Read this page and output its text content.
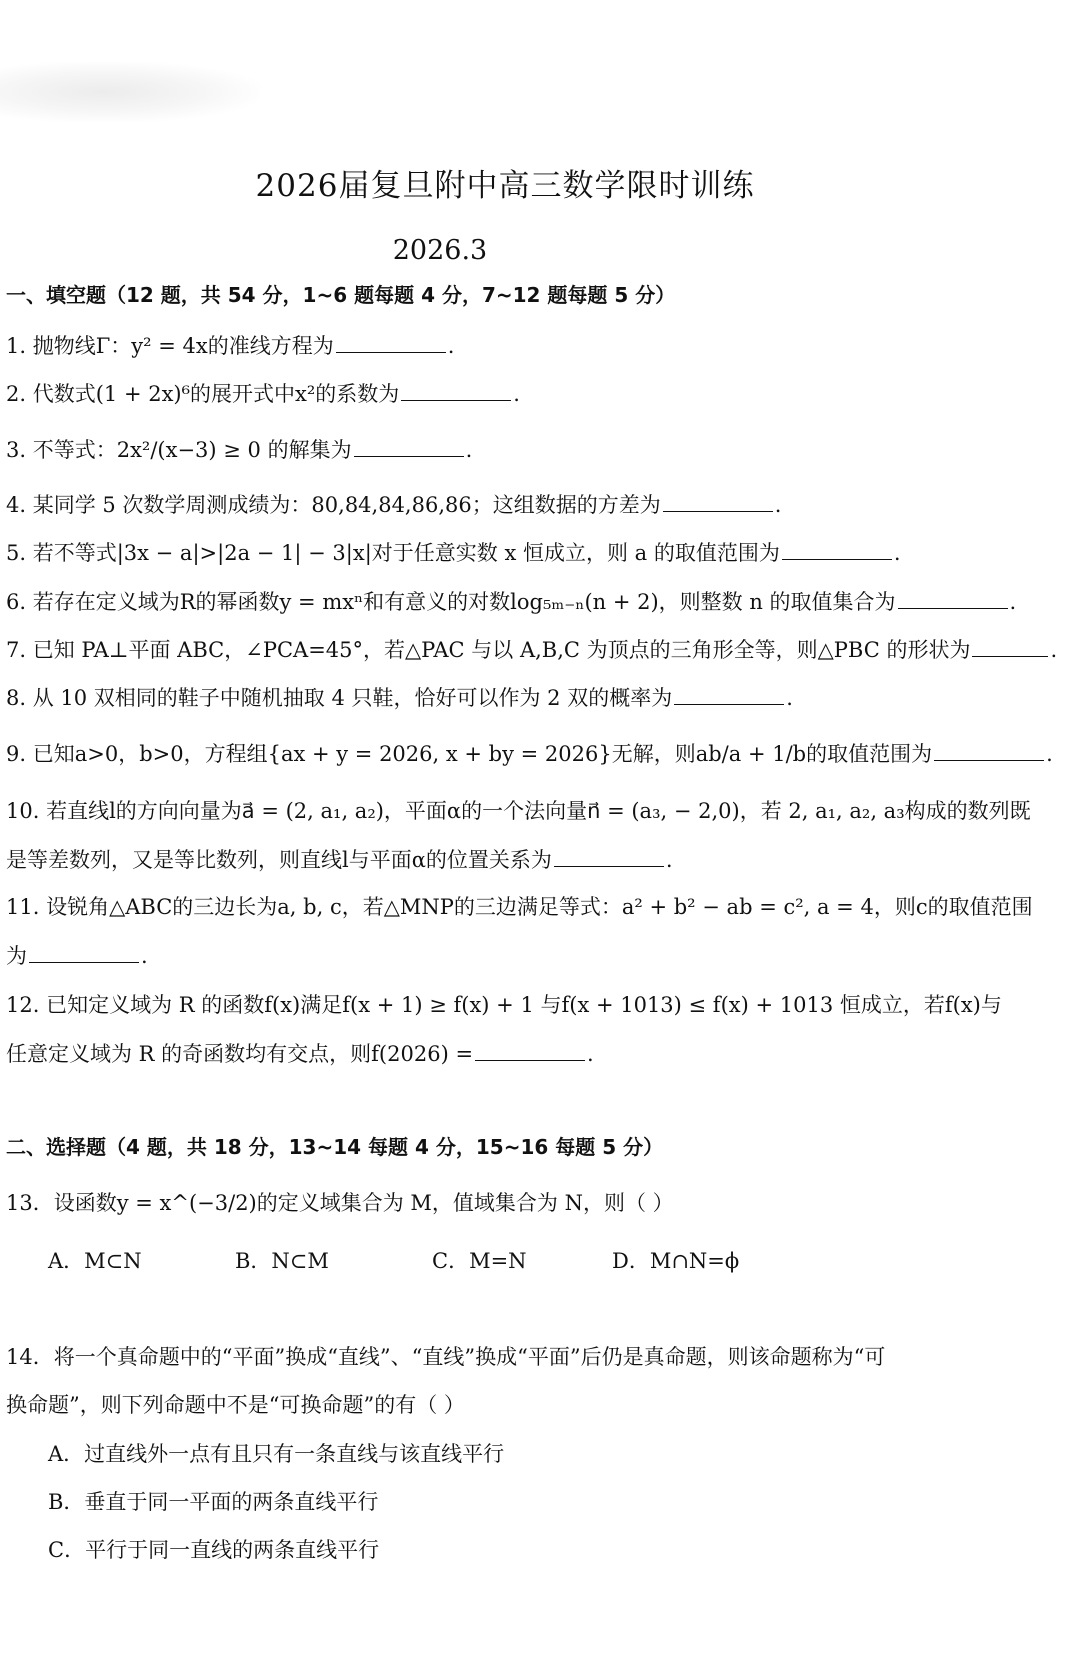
2026届复旦附中高三数学限时训练
2026.3
一、填空题（12 题，共 54 分，1~6 题每题 4 分，7~12 题每题 5 分）
1. 抛物线Γ：y² = 4x的准线方程为	.
2. 代数式(1 + 2x)⁶的展开式中x²的系数为	.
3. 不等式：2x²/(x−3) ≥ 0 的解集为	.
4. 某同学 5 次数学周测成绩为：80,84,84,86,86；这组数据的方差为	.
5. 若不等式|3x − a|>|2a − 1| − 3|x|对于任意实数 x 恒成立，则 a 的取值范围为	.
6. 若存在定义域为R的幂函数y = mxⁿ和有意义的对数log₅ₘ₋ₙ(n + 2)，则整数 n 的取值集合为	.
7. 已知 PA⊥平面 ABC，∠PCA=45°，若△PAC 与以 A,B,C 为顶点的三角形全等，则△PBC 的形状为	.
8. 从 10 双相同的鞋子中随机抽取 4 只鞋，恰好可以作为 2 双的概率为	.
9. 已知a>0，b>0，方程组{ax + y = 2026, x + by = 2026}无解，则ab/a + 1/b的取值范围为	.
10. 若直线l的方向向量为a⃗ = (2, a₁, a₂)，平面α的一个法向量n⃗ = (a₃, − 2,0)，若 2, a₁, a₂, a₃构成的数列既
是等差数列，又是等比数列，则直线l与平面α的位置关系为	.
11. 设锐角△ABC的三边长为a, b, c，若△MNP的三边满足等式：a² + b² − ab = c², a = 4，则c的取值范围
为	.
12. 已知定义域为 R 的函数f(x)满足f(x + 1) ≥ f(x) + 1 与f(x + 1013) ≤ f(x) + 1013 恒成立，若f(x)与
任意定义域为 R 的奇函数均有交点，则f(2026) =	.
二、选择题（4 题，共 18 分，13~14 每题 4 分，15~16 每题 5 分）
13．设函数y = x^(−3/2)的定义域集合为 M，值域集合为 N，则（ ）
A．M⊂N	B．N⊂M	C．M=N	D．M∩N=ϕ
14．将一个真命题中的“平面”换成“直线”、“直线”换成“平面”后仍是真命题，则该命题称为“可
换命题”，则下列命题中不是“可换命题”的有（ ）
A．过直线外一点有且只有一条直线与该直线平行
B．垂直于同一平面的两条直线平行
C．平行于同一直线的两条直线平行
